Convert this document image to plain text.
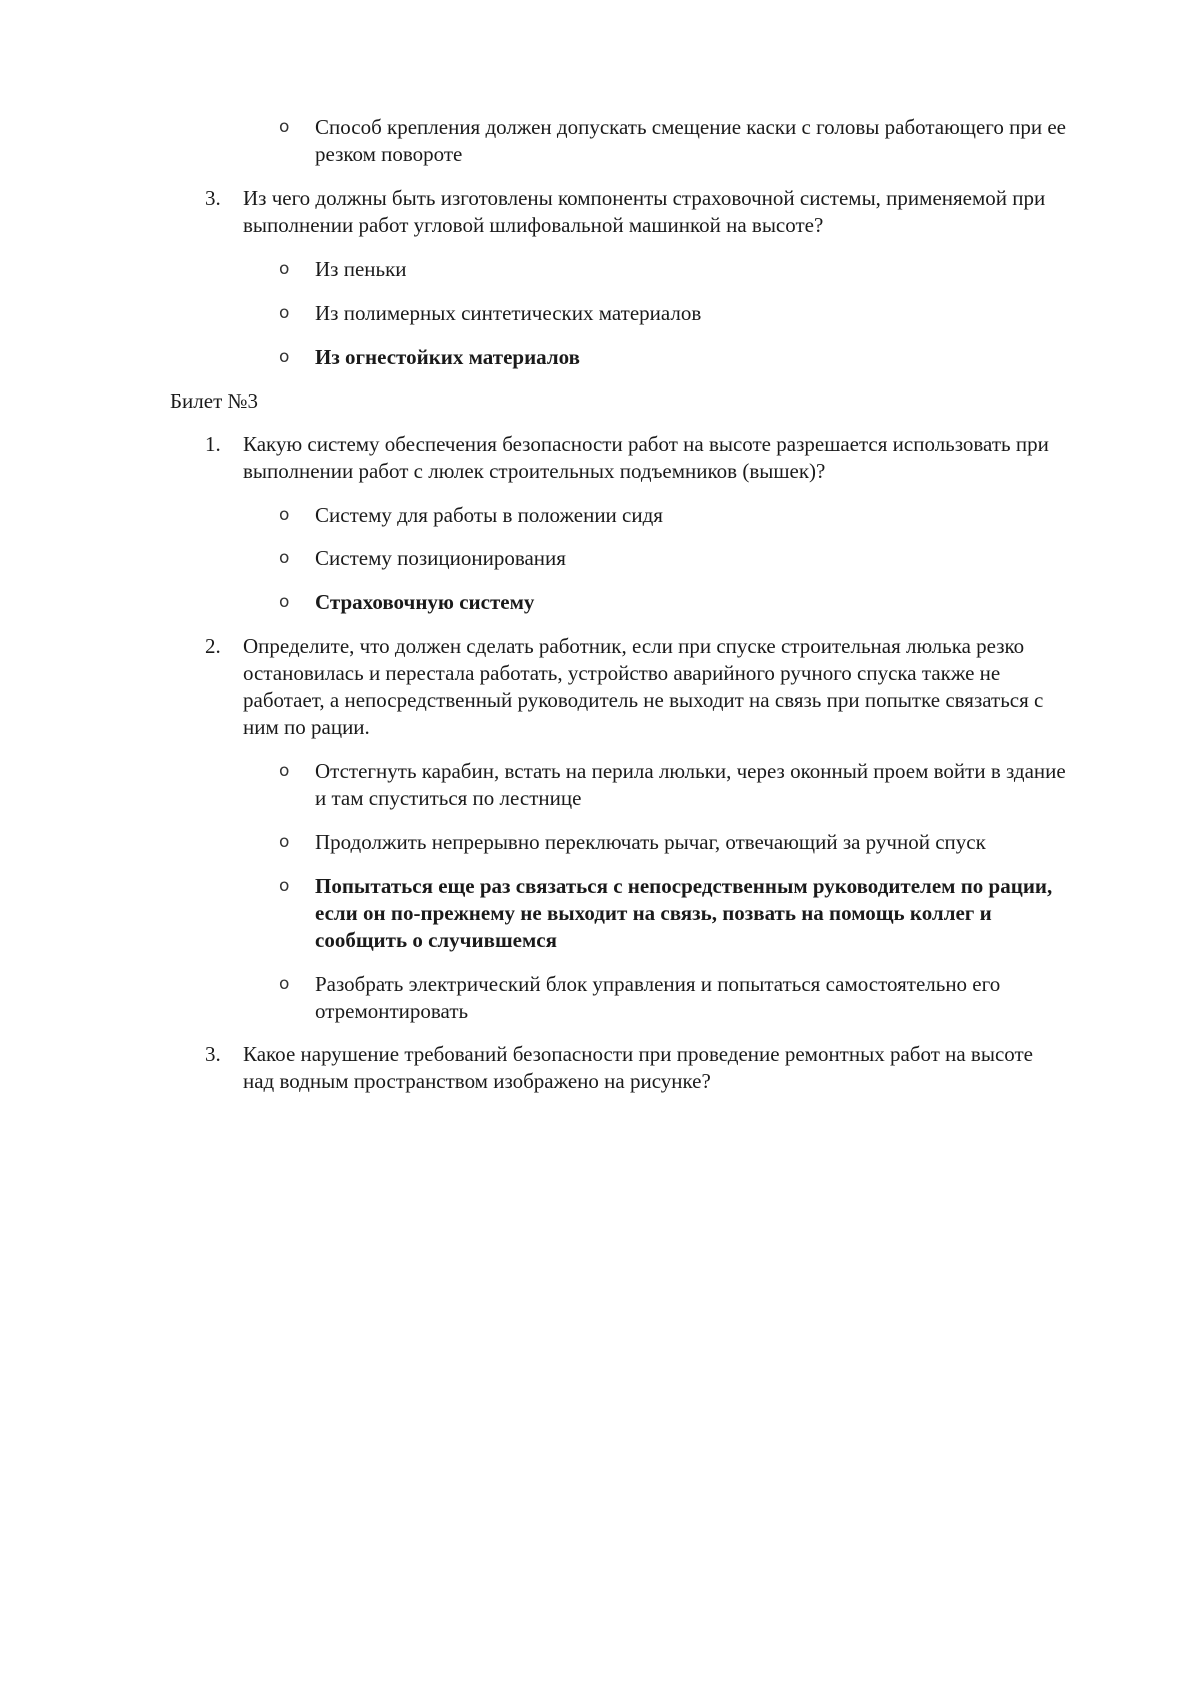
o Способ крепления должен допускать смещение каски с головы работающего при ее
резком повороте
3.	Из чего должны быть изготовлены компоненты страховочной системы, применяемой при
выполнении работ угловой шлифовальной машинкой на высоте?
o Из пеньки
o Из полимерных синтетических материалов
o Из огнестойких материалов
Билет №3
1.	Какую систему обеспечения безопасности работ на высоте разрешается использовать при
выполнении работ с люлек строительных подъемников (вышек)?
o Систему для работы в положении сидя
o Систему позиционирования
o Страховочную систему
2.	Определите, что должен сделать работник, если при спуске строительная люлька резко
остановилась и перестала работать, устройство аварийного ручного спуска также не
работает, а непосредственный руководитель не выходит на связь при попытке связаться с
ним по рации.
o Отстегнуть карабин, встать на перила люльки, через оконный проем войти в здание
и там спуститься по лестнице
o Продолжить непрерывно переключать рычаг, отвечающий за ручной спуск
o Попытаться еще раз связаться с непосредственным руководителем по рации,
если он по-прежнему не выходит на связь, позвать на помощь коллег и
сообщить о случившемся
o Разобрать электрический блок управления и попытаться самостоятельно его
отремонтировать
3.	Какое нарушение требований безопасности при проведение ремонтных работ на высоте
над водным пространством изображено на рисунке?
